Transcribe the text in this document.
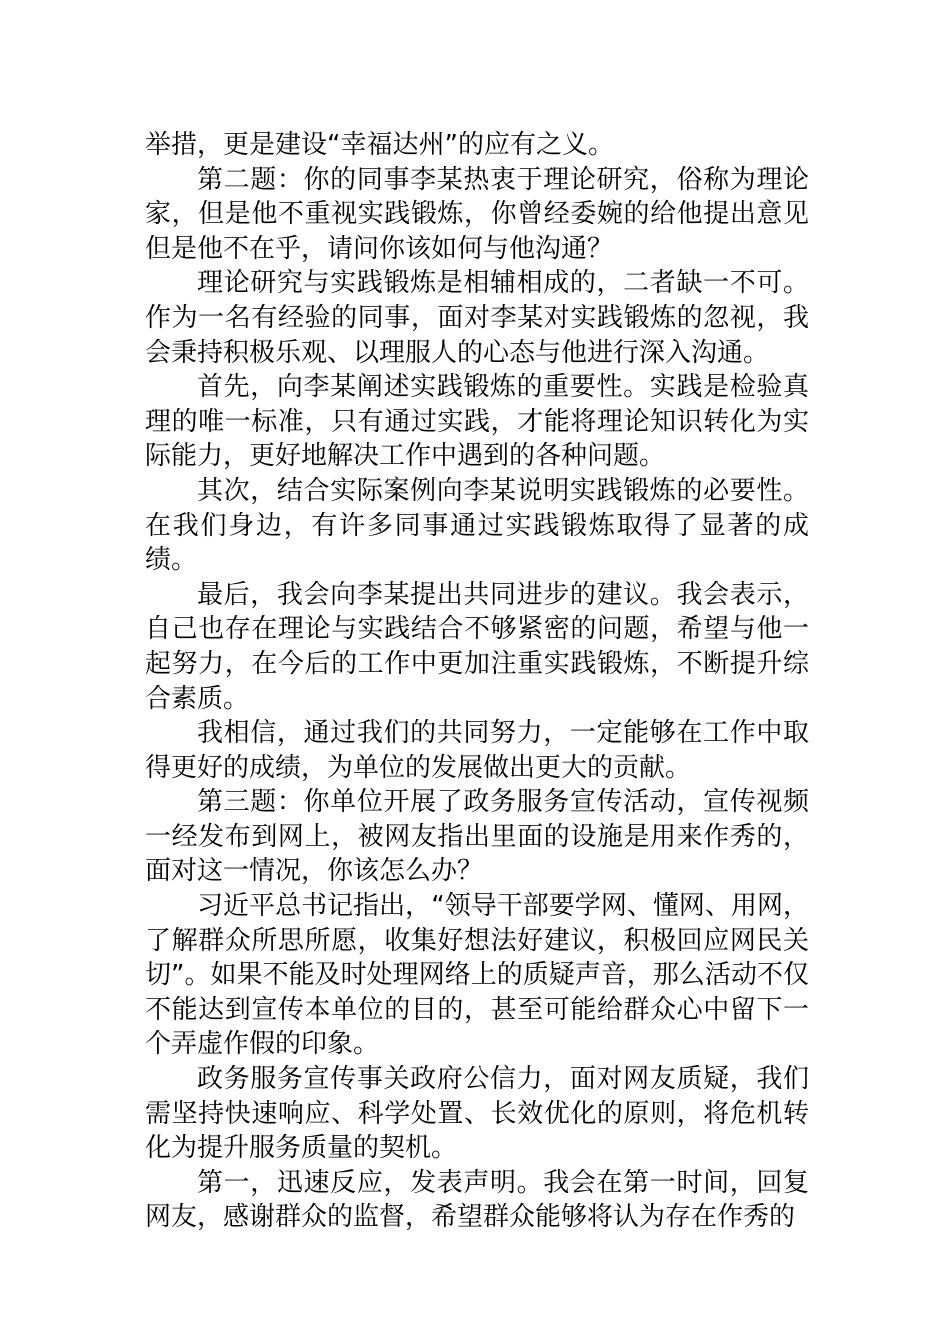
举措，更是建设“幸福达州”的应有之义。

第二题：你的同事李某热衷于理论研究，俗称为理论家，但是他不重视实践锻炼，你曾经委婉的给他提出意见但是他不在乎，请问你该如何与他沟通？

理论研究与实践锻炼是相辅相成的，二者缺一不可。作为一名有经验的同事，面对李某对实践锻炼的忽视，我会秉持积极乐观、以理服人的心态与他进行深入沟通。

首先，向李某阐述实践锻炼的重要性。实践是检验真理的唯一标准，只有通过实践，才能将理论知识转化为实际能力，更好地解决工作中遇到的各种问题。

其次，结合实际案例向李某说明实践锻炼的必要性。在我们身边，有许多同事通过实践锻炼取得了显著的成绩。

最后，我会向李某提出共同进步的建议。我会表示，自己也存在理论与实践结合不够紧密的问题，希望与他一起努力，在今后的工作中更加注重实践锻炼，不断提升综合素质。

我相信，通过我们的共同努力，一定能够在工作中取得更好的成绩，为单位的发展做出更大的贡献。

第三题：你单位开展了政务服务宣传活动，宣传视频一经发布到网上，被网友指出里面的设施是用来作秀的，面对这一情况，你该怎么办？

习近平总书记指出，“领导干部要学网、懂网、用网，了解群众所思所愿，收集好想法好建议，积极回应网民关切”。如果不能及时处理网络上的质疑声音，那么活动不仅不能达到宣传本单位的目的，甚至可能给群众心中留下一个弄虚作假的印象。

政务服务宣传事关政府公信力，面对网友质疑，我们需坚持快速响应、科学处置、长效优化的原则，将危机转化为提升服务质量的契机。

第一，迅速反应，发表声明。我会在第一时间，回复网友，感谢群众的监督，希望群众能够将认为存在作秀的
